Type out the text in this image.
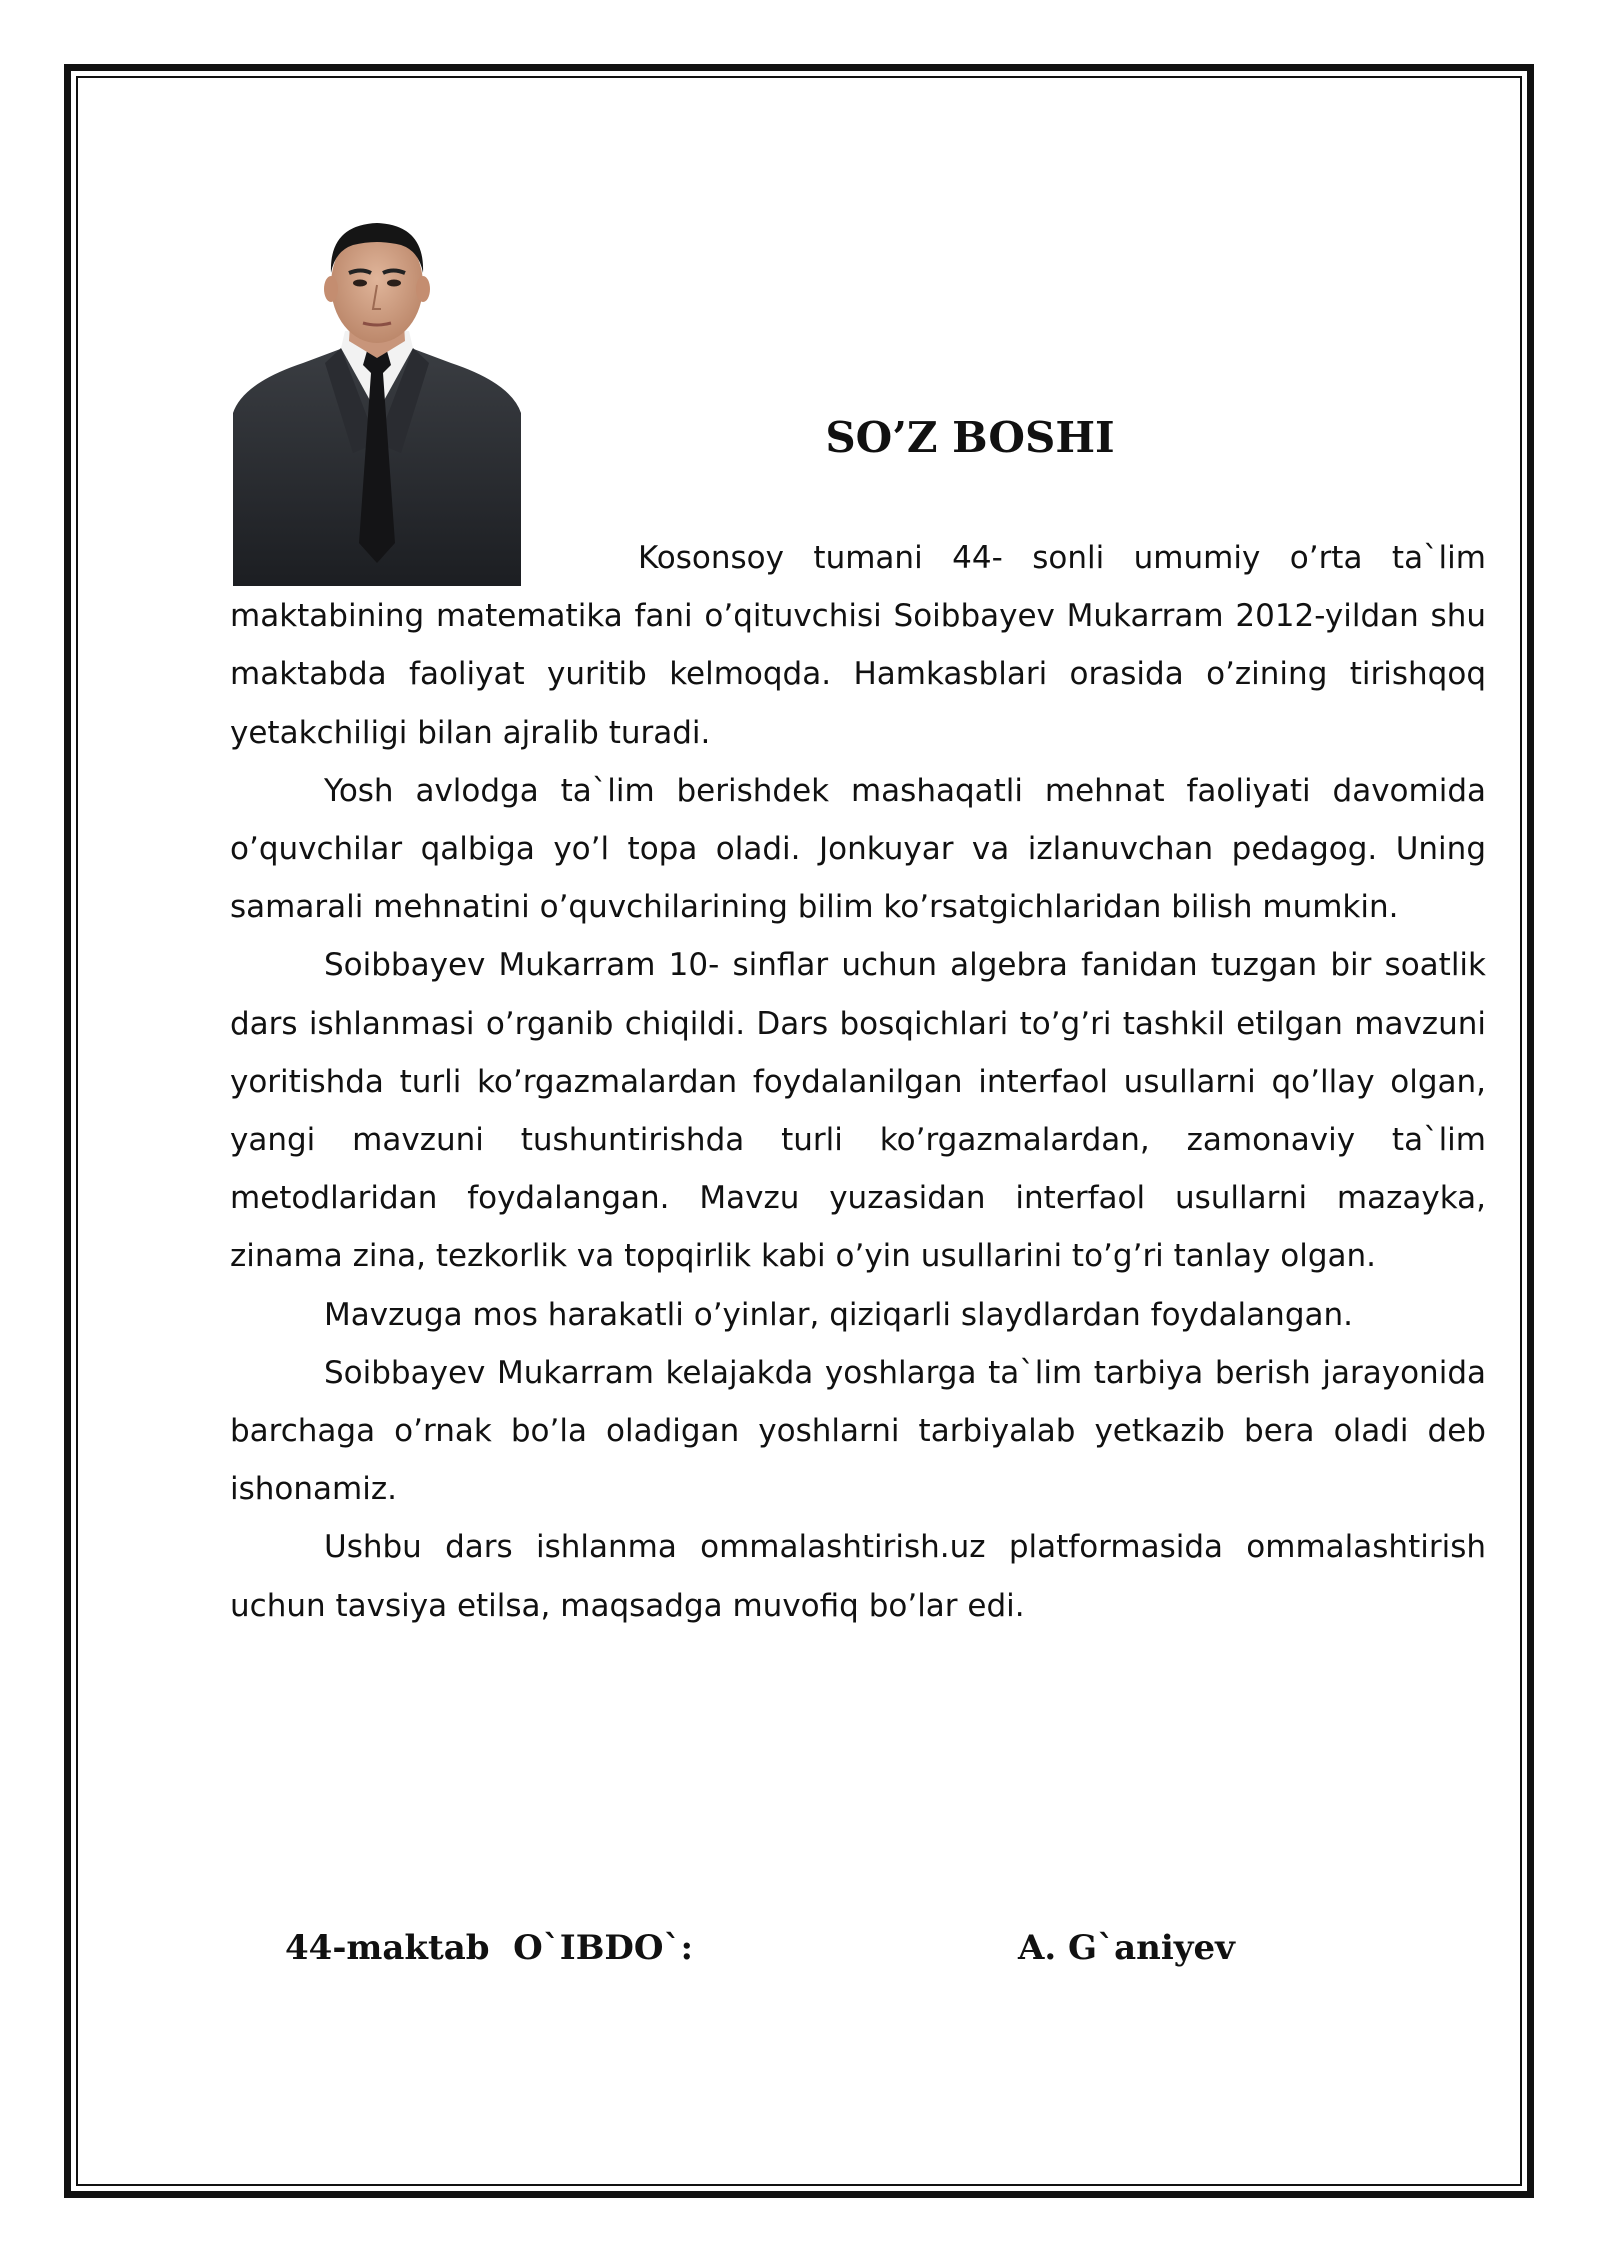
SO’Z BOSHI

Kosonsoy tumani 44- sonli umumiy o’rta ta`lim maktabining matematika fani o’qituvchisi Soibbayev Mukarram 2012-yildan shu maktabda faoliyat yuritib kelmoqda. Hamkasblari orasida o’zining tirishqoq yetakchiligi bilan ajralib turadi.

Yosh avlodga ta`lim berishdek mashaqatli mehnat faoliyati davomida o’quvchilar qalbiga yo’l topa oladi. Jonkuyar va izlanuvchan pedagog. Uning samarali mehnatini o’quvchilarining bilim ko’rsatgichlaridan bilish mumkin.

Soibbayev Mukarram 10- sinflar uchun algebra fanidan tuzgan bir soatlik dars ishlanmasi o’rganib chiqildi. Dars bosqichlari to’g’ri tashkil etilgan mavzuni yoritishda turli ko’rgazmalardan foydalanilgan interfaol usullarni qo’llay olgan, yangi mavzuni tushuntirishda turli ko’rgazmalardan, zamonaviy ta`lim metodlaridan foydalangan. Mavzu yuzasidan interfaol usullarni mazayka, zinama zina, tezkorlik va topqirlik kabi o’yin usullarini to’g’ri tanlay olgan.

Mavzuga mos harakatli o’yinlar, qiziqarli slaydlardan foydalangan.

Soibbayev Mukarram kelajakda yoshlarga ta`lim tarbiya berish jarayonida barchaga o’rnak bo’la oladigan yoshlarni tarbiyalab yetkazib bera oladi deb ishonamiz.

Ushbu dars ishlanma ommalashtirish.uz platformasida ommalashtirish uchun tavsiya etilsa, maqsadga muvofiq bo’lar edi.

44-maktab  O`IBDO`:	A. G`aniyev
